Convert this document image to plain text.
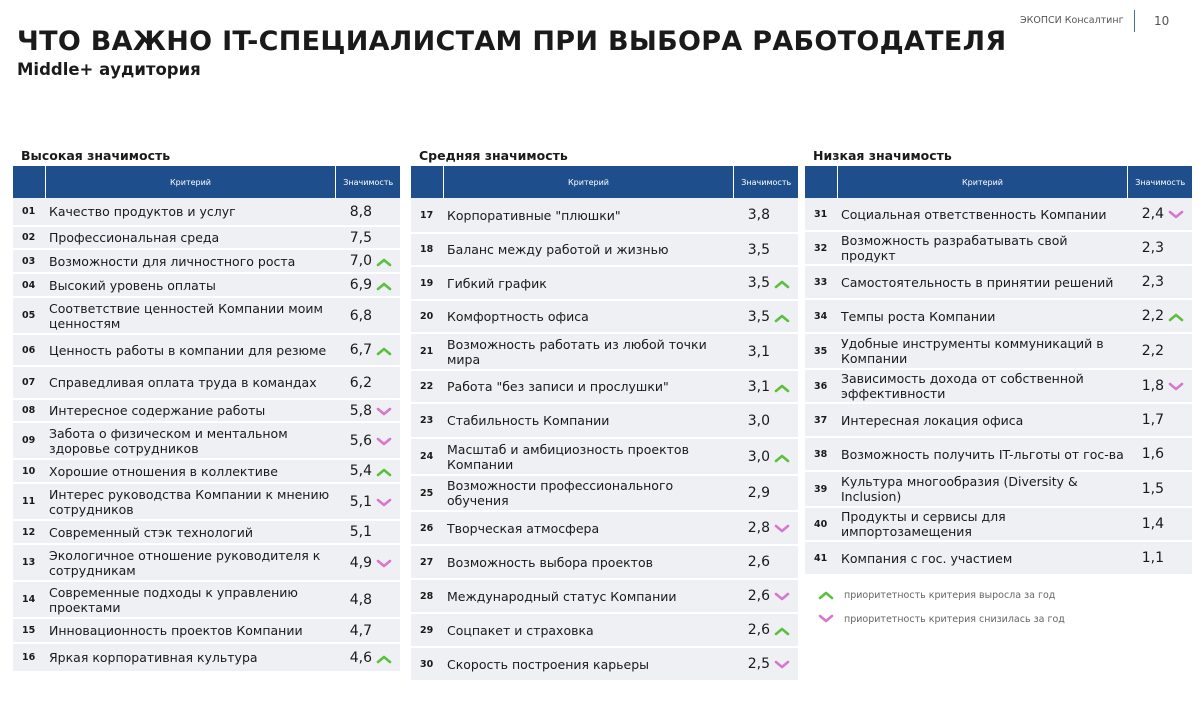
ЧТО ВАЖНО IT-СПЕЦИАЛИСТАМ ПРИ ВЫБОРА РАБОТОДАТЕЛЯ
Middle+ аудитория
ЭКОПСИ Консалтинг	10
Высокая значимость
	Критерий	Значимость	
01	Качество продуктов и услуг	8,8	
02	Профессиональная среда	7,5	
03	Возможности для личностного роста	7,0	

04	Высокий уровень оплаты	6,9	

05	Соответствие ценностей Компании моим ценностям	6,8	
06	Ценность работы в компании для резюме	6,7	

07	Справедливая оплата труда в командах	6,2	
08	Интересное содержание работы	5,8	

09	Забота о физическом и ментальном здоровье сотрудников	5,6	

10	Хорошие отношения в коллективе	5,4	

11	Интерес руководства Компании к мнению сотрудников	5,1	

12	Современный стэк технологий	5,1	
13	Экологичное отношение руководителя к сотрудникам	4,9	

14	Современные подходы к управлению проектами	4,8	
15	Инновационность проектов Компании	4,7	
16	Яркая корпоративная культура	4,6	
Средняя значимость
	Критерий	Значимость	
17	Корпоративные "плюшки"	3,8	
18	Баланс между работой и жизнью	3,5	
19	Гибкий график	3,5	

20	Комфортность офиса	3,5	

21	Возможность работать из любой точки мира	3,1	
22	Работа "без записи и прослушки"	3,1	

23	Стабильность Компании	3,0	
24	Масштаб и амбициозность проектов Компании	3,0	

25	Возможности профессионального обучения	2,9	
26	Творческая атмосфера	2,8	

27	Возможность выбора проектов	2,6	
28	Международный статус Компании	2,6	

29	Соцпакет и страховка	2,6	

30	Скорость построения карьеры	2,5	
Низкая значимость
	Критерий	Значимость	
31	Социальная ответственность Компании	2,4	

32	Возможность разрабатывать свой продукт	2,3	
33	Самостоятельность в принятии решений	2,3	
34	Темпы роста Компании	2,2	

35	Удобные инструменты коммуникаций в Компании	2,2	
36	Зависимость дохода от собственной эффективности	1,8	

37	Интересная локация офиса	1,7	
38	Возможность получить IT-льготы от гос-ва	1,6	
39	Культура многообразия (Diversity & Inclusion)	1,5	
40	Продукты и сервисы для импортозамещения	1,4	
41	Компания с гос. участием	1,1	
приоритетность критерия выросла за год
приоритетность критерия снизилась за год
